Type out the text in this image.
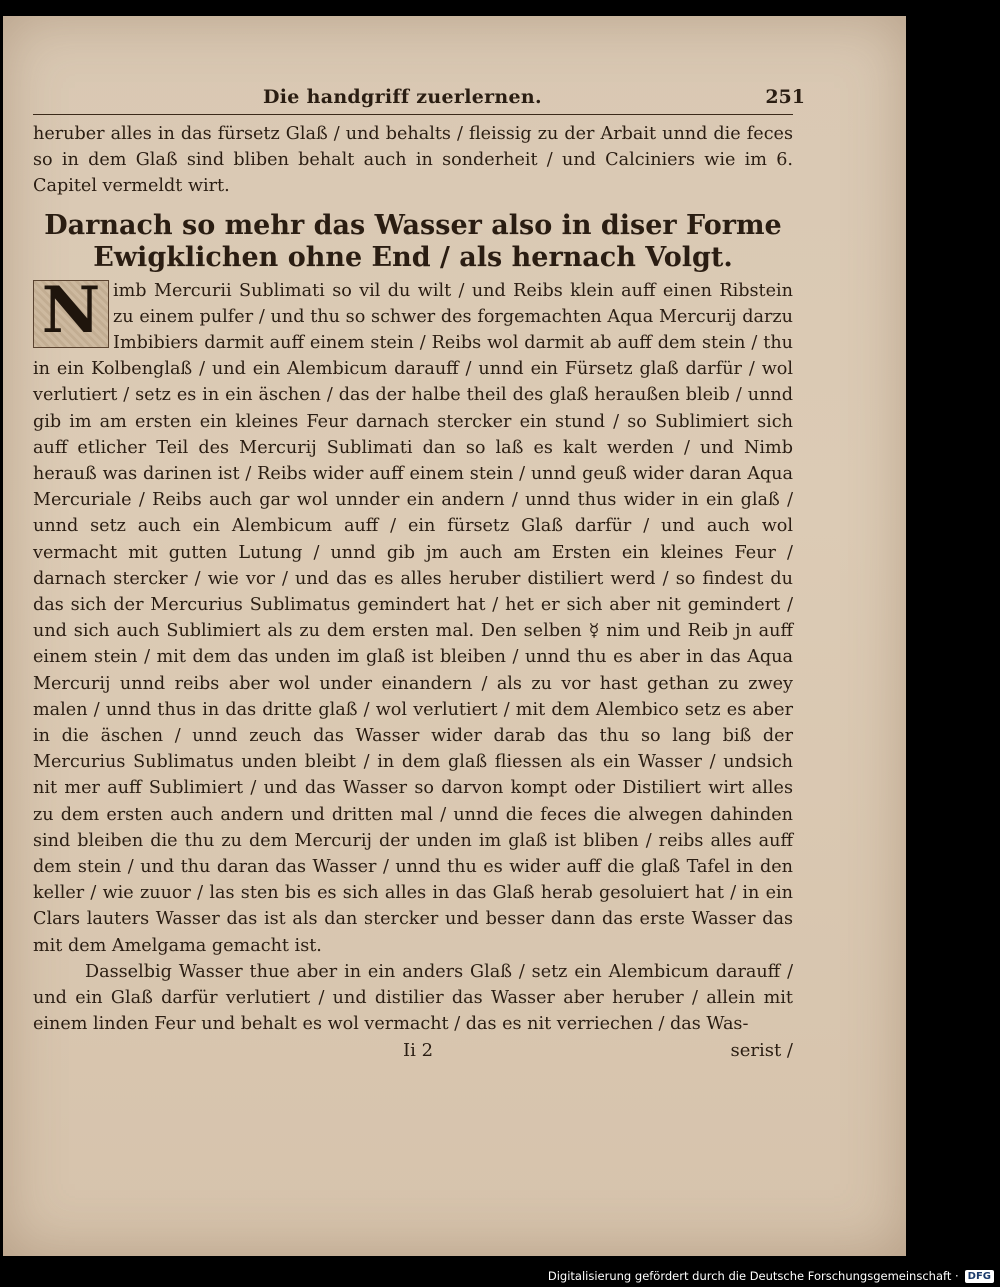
Die handgriff zuerlernen.	251

heruber alles in das fürsetz Glaß / und behalts / fleissig zu der Arbait unnd die feces so in dem Glaß sind bliben behalt auch in sonderheit / und Calciniers wie im 6. Capitel vermeldt wirt.

Darnach so mehr das Wasser also in diser Forme Ewigklichen ohne End / als hernach Volgt.
N imb Mercurii Sublimati so vil du wilt / und Reibs klein auff einen Ribstein zu einem pulfer / und thu so schwer des forgemachten Aqua Mercurij darzu Imbibiers darmit auff einem stein / Reibs wol darmit ab auff dem stein / thu in ein Kolbenglaß / und ein Alembicum darauff / unnd ein Fürsetz glaß darfür / wol verlutiert / setz es in ein äschen / das der halbe theil des glaß heraußen bleib / unnd gib im am ersten ein kleines Feur darnach stercker ein stund / so Sublimiert sich auff etlicher Teil des Mercurij Sublimati dan so laß es kalt werden / und Nimb herauß was darinen ist / Reibs wider auff einem stein / unnd geuß wider daran Aqua Mercuriale / Reibs auch gar wol unnder ein andern / unnd thus wider in ein glaß / unnd setz auch ein Alembicum auff / ein fürsetz Glaß darfür / und auch wol vermacht mit gutten Lutung / unnd gib jm auch am Ersten ein kleines Feur / darnach stercker / wie vor / und das es alles heruber distiliert werd / so findest du das sich der Mercurius Sublimatus gemindert hat / het er sich aber nit gemindert / und sich auch Sublimiert als zu dem ersten mal. Den selben ☿ nim und Reib jn auff einem stein / mit dem das unden im glaß ist bleiben / unnd thu es aber in das Aqua Mercurij unnd reibs aber wol under einandern / als zu vor hast gethan zu zwey malen / unnd thus in das dritte glaß / wol verlutiert / mit dem Alembico setz es aber in die äschen / unnd zeuch das Wasser wider darab das thu so lang biß der Mercurius Sublimatus unden bleibt / in dem glaß fliessen als ein Wasser / undsich nit mer auff Sublimiert / und das Wasser so darvon kompt oder Distiliert wirt alles zu dem ersten auch andern und dritten mal / unnd die feces die alwegen dahinden sind bleiben die thu zu dem Mercurij der unden im glaß ist bliben / reibs alles auff dem stein / und thu daran das Wasser / unnd thu es wider auff die glaß Tafel in den keller / wie zuuor / las sten bis es sich alles in das Glaß herab gesoluiert hat / in ein Clars lauters Wasser das ist als dan stercker und besser dann das erste Wasser das mit dem Amelgama gemacht ist.

Dasselbig Wasser thue aber in ein anders Glaß / setz ein Alembicum darauff / und ein Glaß darfür verlutiert / und distilier das Wasser aber heruber / allein mit einem linden Feur und behalt es wol vermacht / das es nit verriechen / das Was-

Ii 2	serist /
Digitalisierung gefördert durch die Deutsche Forschungsgemeinschaft · DFG
